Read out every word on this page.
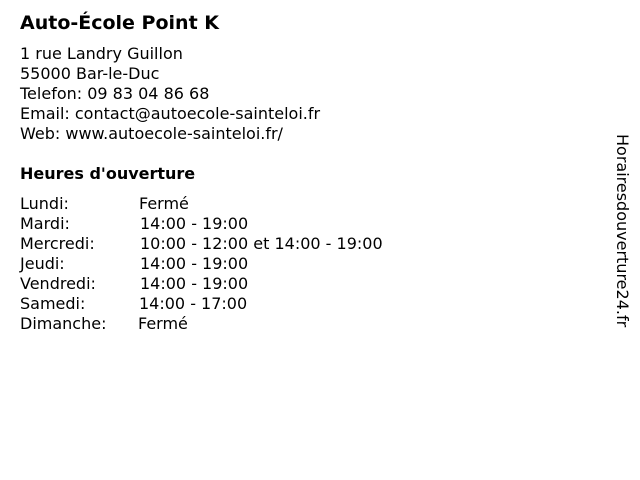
Auto-École Point K
1 rue Landry Guillon
55000 Bar-le-Duc
Telefon: 09 83 04 86 68
Email: contact@autoecole-sainteloi.fr
Web: www.autoecole-sainteloi.fr/
Heures d'ouverture
Lundi:	Fermé
Mardi:	14:00 - 19:00
Mercredi:	10:00 - 12:00 et 14:00 - 19:00
Jeudi:	14:00 - 19:00
Vendredi:	14:00 - 19:00
Samedi:	14:00 - 17:00
Dimanche: Fermé	Horairesdouverture24.fr
